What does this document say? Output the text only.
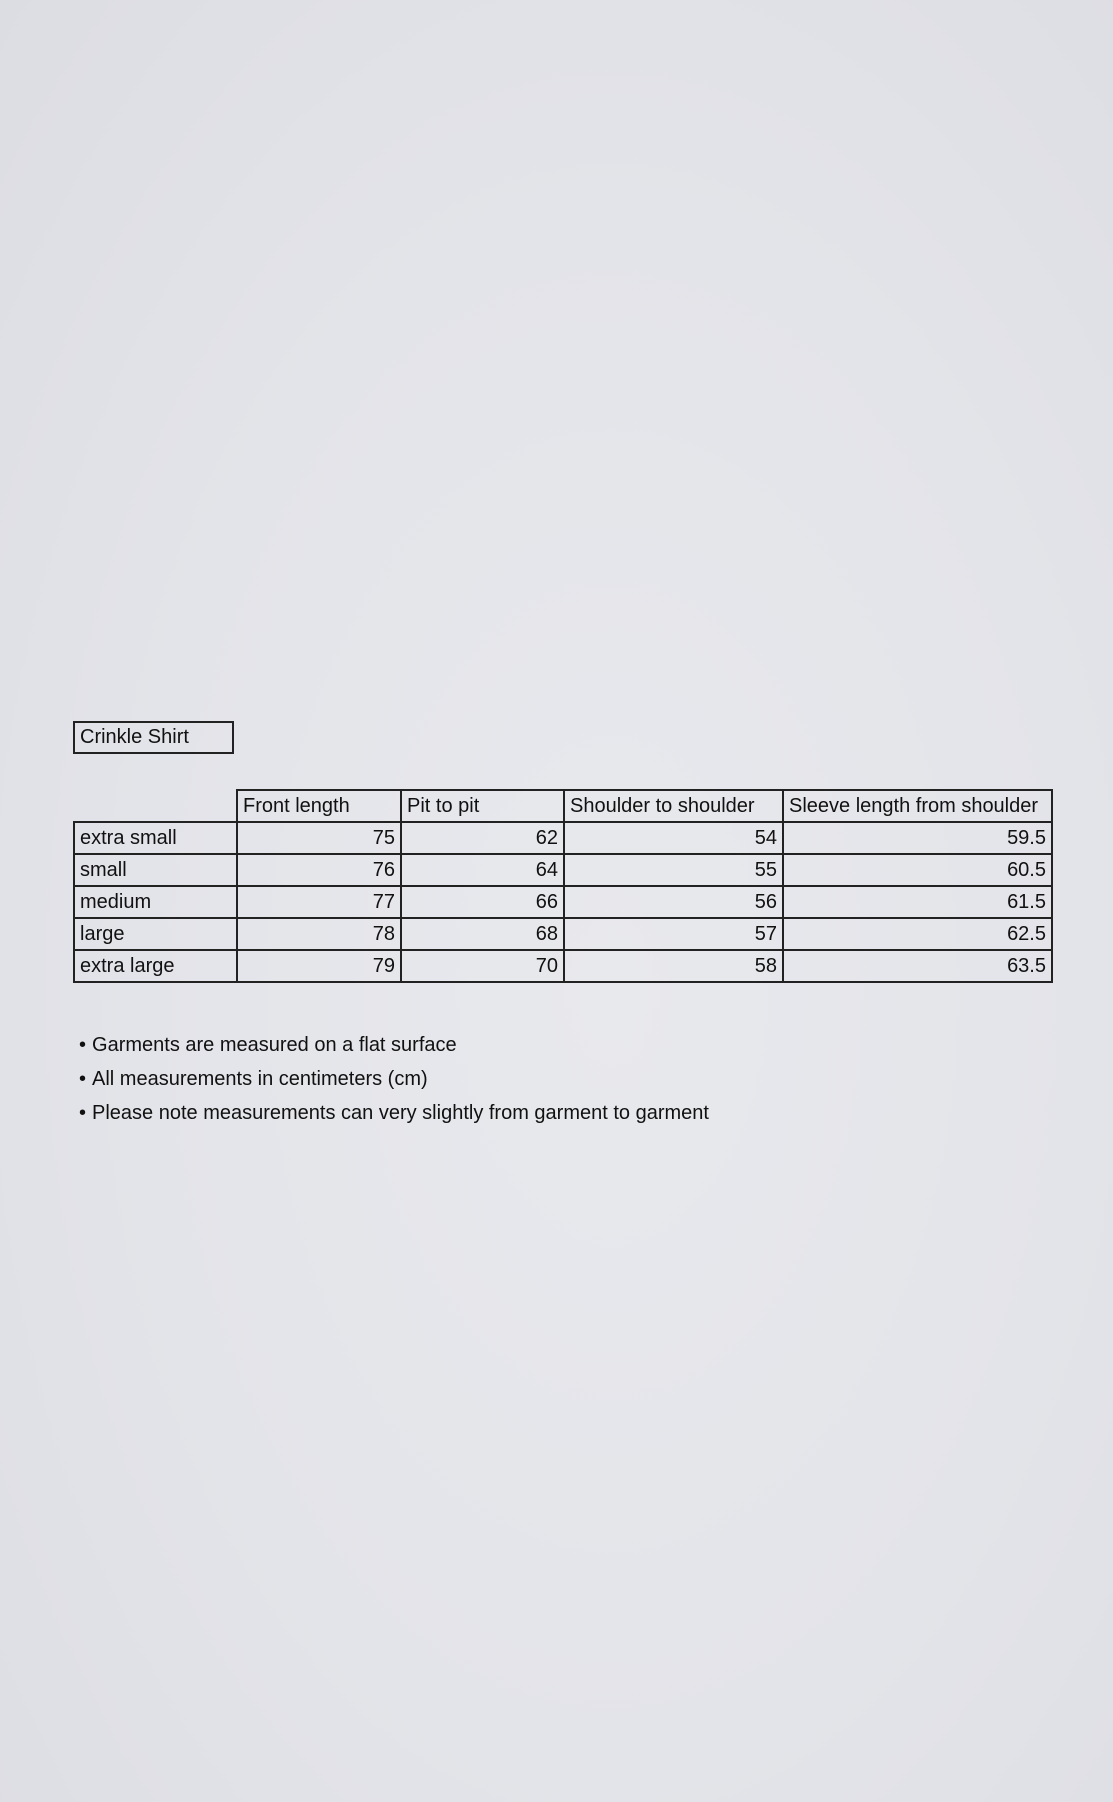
Crinkle Shirt
	Front length	Pit to pit	Shoulder to shoulder	Sleeve length from shoulder
extra small	75	62	54	59.5
small	76	64	55	60.5
medium	77	66	56	61.5
large	78	68	57	62.5
extra large	79	70	58	63.5
• Garments are measured on a flat surface
• All measurements in centimeters (cm)
• Please note measurements can very slightly from garment to garment
